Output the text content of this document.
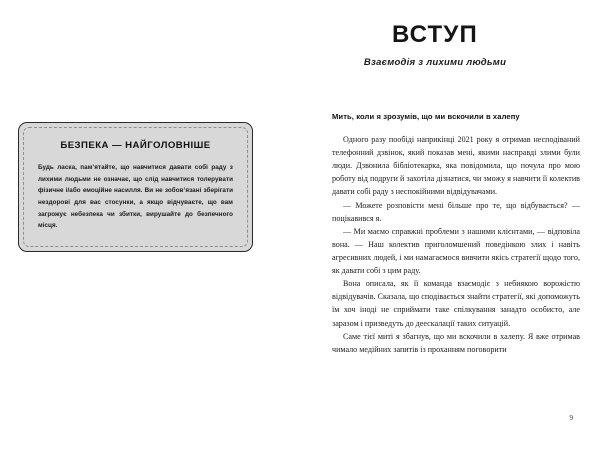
ВСТУП
Взаємодія з лихими людьми
БЕЗПЕКА — НАЙГОЛОВНІШЕ
Будь ласка, пам’ятайте, що навчитися давати собі раду з лихими людьми не означає, що слід навчитися толерувати фізичне і/або емоційне насилля. Ви не зобов’язані зберігати нездорові для вас стосунки, а якщо відчуваєте, що вам загрожує небезпека чи збитки, вирушайте до безпечного місця.
Мить, коли я зрозумів, що ми вскочили в халепу

Одного разу пообіді наприкінці 2021 року я отримав несподіваний телефонний дзвінок, який показав мені, якими насправді злими були люди. Дзвонила бібліотекарка, яка повідомила, що почула про мою роботу від подруги й захотіла дізнатися, чи зможу я навчити її колектив давати собі раду з неспокійними відвідувачами.

— Можете розповісти мені більше про те, що відбувається? — поцікавився я.

— Ми маємо справжні проблеми з нашими клієнтами, — відповіла вона. — Наш колектив приголомшений поведінкою злих і навіть агресивних людей, і ми намагаємося вивчити якісь стратегії щодо того, як давати собі з цим раду.

Вона описала, як її команда взаємодіє з небиякою ворожістю відвідувачів. Сказала, що сподівається знайти стратегії, які допоможуть їм хоч іноді не сприймати таке спілкування занадто особисто, але зaразом і призведуть до деескалації таких ситуацій.

Саме тієї миті я збагнув, що ми вскочили в халепу. Я вже отримав чимало медійних запитів із проханням поговорити

9
